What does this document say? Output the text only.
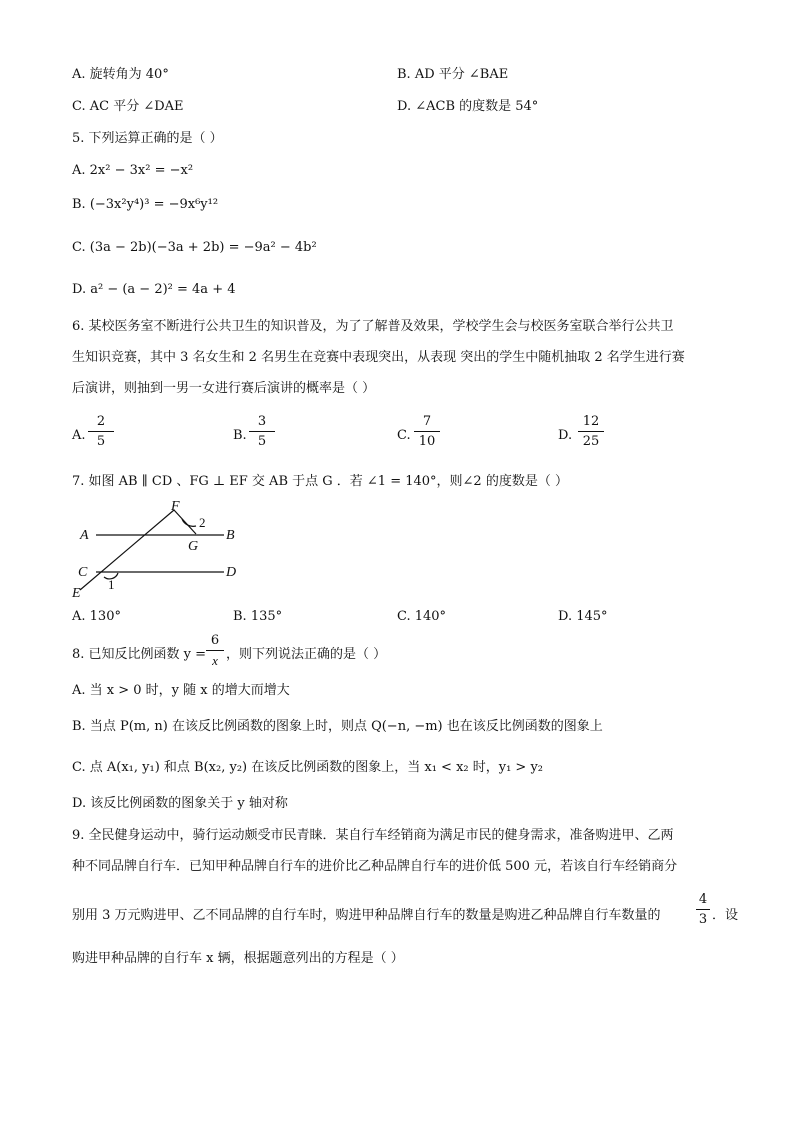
A. 旋转角为 40°	B. AD 平分 ∠BAE
C. AC 平分 ∠DAE	D. ∠ACB 的度数是 54°
5. 下列运算正确的是（ ）
A. 2x² − 3x² = −x²
B. (−3x²y⁴)³ = −9x⁶y¹²
C. (3a − 2b)(−3a + 2b) = −9a² − 4b²
D. a² − (a − 2)² = 4a + 4
6. 某校医务室不断进行公共卫生的知识普及，为了了解普及效果，学校学生会与校医务室联合举行公共卫
生知识竞赛，其中 3 名女生和 2 名男生在竞赛中表现突出，从表现 突出的学生中随机抽取 2 名学生进行赛
后演讲，则抽到一男一女进行赛后演讲的概率是（ ）
A.
2
5	B.
3
5	C.
7
10	D.
12
25
7. 如图 AB ∥ CD 、FG ⊥ EF 交 AB 于点 G ．若 ∠1 = 140°，则∠2 的度数是（ ）
F
2
A
G
B
C
1
D
E
A. 130°	B. 135°	C. 140°	D. 145°
8. 已知反比例函数 y =
6
x ，则下列说法正确的是（ ）
A. 当 x > 0 时，y 随 x 的增大而增大
B. 当点 P(m, n) 在该反比例函数的图象上时，则点 Q(−n, −m) 也在该反比例函数的图象上
C. 点 A(x₁, y₁) 和点 B(x₂, y₂) 在该反比例函数的图象上，当 x₁ < x₂ 时，y₁ > y₂
D. 该反比例函数的图象关于 y 轴对称
9. 全民健身运动中，骑行运动颇受市民青睐．某自行车经销商为满足市民的健身需求，准备购进甲、乙两
种不同品牌自行车．已知甲种品牌自行车的进价比乙种品牌自行车的进价低 500 元，若该自行车经销商分
别用 3 万元购进甲、乙不同品牌的自行车时，购进甲种品牌自行车的数量是购进乙种品牌自行车数量的
4
3 ．设
购进甲种品牌的自行车 x 辆，根据题意列出的方程是（ ）
